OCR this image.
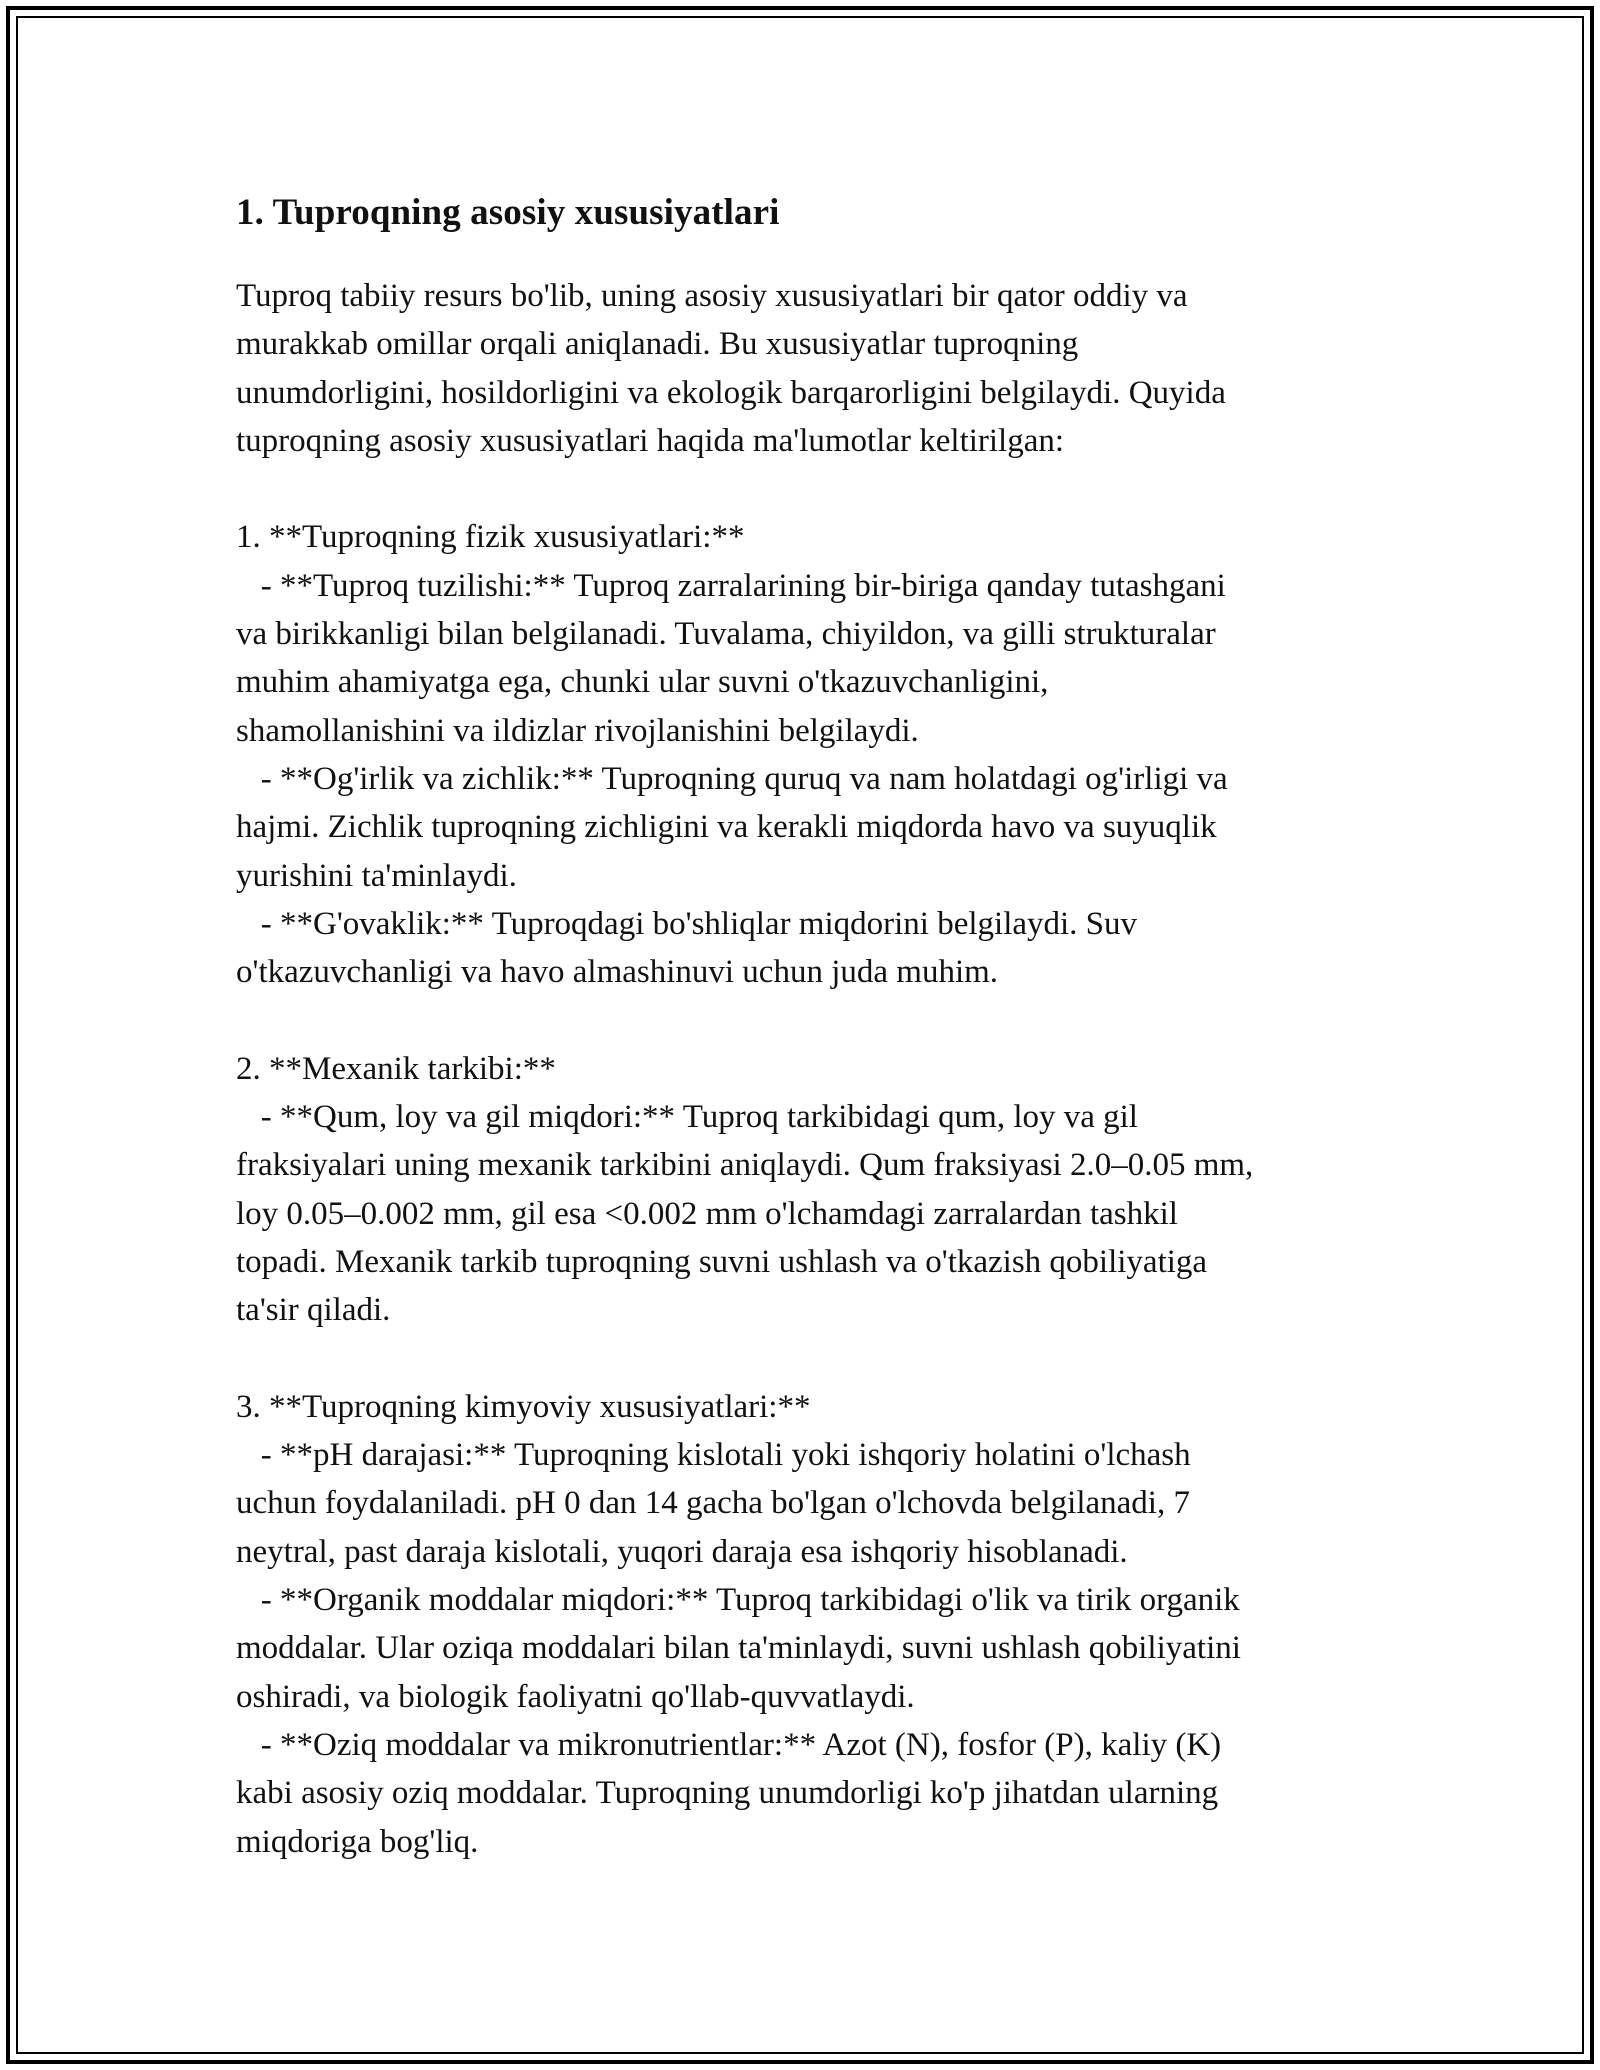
1. Tuproqning asosiy xususiyatlari

Tuproq tabiiy resurs bo'lib, uning asosiy xususiyatlari bir qator oddiy va
murakkab omillar orqali aniqlanadi. Bu xususiyatlar tuproqning
unumdorligini, hosildorligini va ekologik barqarorligini belgilaydi. Quyida
tuproqning asosiy xususiyatlari haqida ma'lumotlar keltirilgan:

1. **Tuproqning fizik xususiyatlari:**
- **Tuproq tuzilishi:** Tuproq zarralarining bir-biriga qanday tutashgani
va birikkanligi bilan belgilanadi. Tuvalama, chiyildon, va gilli strukturalar
muhim ahamiyatga ega, chunki ular suvni o'tkazuvchanligini,
shamollanishini va ildizlar rivojlanishini belgilaydi.
- **Og'irlik va zichlik:** Tuproqning quruq va nam holatdagi og'irligi va
hajmi. Zichlik tuproqning zichligini va kerakli miqdorda havo va suyuqlik
yurishini ta'minlaydi.
- **G'ovaklik:** Tuproqdagi bo'shliqlar miqdorini belgilaydi. Suv
o'tkazuvchanligi va havo almashinuvi uchun juda muhim.

2. **Mexanik tarkibi:**
- **Qum, loy va gil miqdori:** Tuproq tarkibidagi qum, loy va gil
fraksiyalari uning mexanik tarkibini aniqlaydi. Qum fraksiyasi 2.0–0.05 mm,
loy 0.05–0.002 mm, gil esa <0.002 mm o'lchamdagi zarralardan tashkil
topadi. Mexanik tarkib tuproqning suvni ushlash va o'tkazish qobiliyatiga
ta'sir qiladi.

3. **Tuproqning kimyoviy xususiyatlari:**
- **pH darajasi:** Tuproqning kislotali yoki ishqoriy holatini o'lchash
uchun foydalaniladi. pH 0 dan 14 gacha bo'lgan o'lchovda belgilanadi, 7
neytral, past daraja kislotali, yuqori daraja esa ishqoriy hisoblanadi.
- **Organik moddalar miqdori:** Tuproq tarkibidagi o'lik va tirik organik
moddalar. Ular oziqa moddalari bilan ta'minlaydi, suvni ushlash qobiliyatini
oshiradi, va biologik faoliyatni qo'llab-quvvatlaydi.
- **Oziq moddalar va mikronutrientlar:** Azot (N), fosfor (P), kaliy (K)
kabi asosiy oziq moddalar. Tuproqning unumdorligi ko'p jihatdan ularning
miqdoriga bog'liq.
